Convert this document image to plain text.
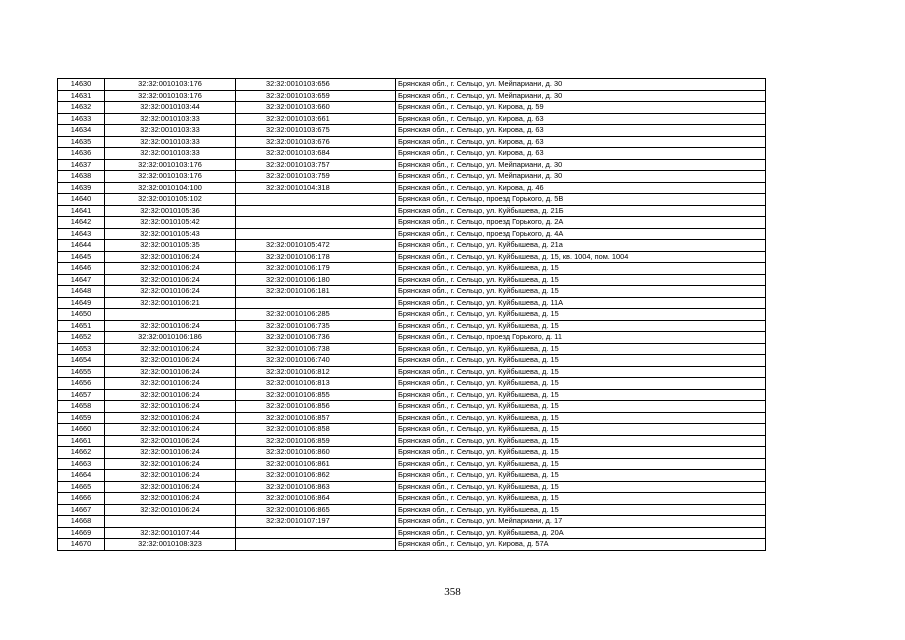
14630	32:32:0010103:176	32:32:0010103:656	Брянская обл., г. Сельцо, ул. Мейпариани, д. 30
14631	32:32:0010103:176	32:32:0010103:659	Брянская обл., г. Сельцо, ул. Мейпариани, д. 30
14632	32:32:0010103:44	32:32:0010103:660	Брянская обл., г. Сельцо, ул. Кирова, д. 59
14633	32:32:0010103:33	32:32:0010103:661	Брянская обл., г. Сельцо, ул. Кирова, д. 63
14634	32:32:0010103:33	32:32:0010103:675	Брянская обл., г. Сельцо, ул. Кирова, д. 63
14635	32:32:0010103:33	32:32:0010103:676	Брянская обл., г. Сельцо, ул. Кирова, д. 63
14636	32:32:0010103:33	32:32:0010103:684	Брянская обл., г. Сельцо, ул. Кирова, д. 63
14637	32:32:0010103:176	32:32:0010103:757	Брянская обл., г. Сельцо, ул. Мейпариани, д. 30
14638	32:32:0010103:176	32:32:0010103:759	Брянская обл., г. Сельцо, ул. Мейпариани, д. 30
14639	32:32:0010104:100	32:32:0010104:318	Брянская обл., г. Сельцо, ул. Кирова, д. 46
14640	32:32:0010105:102		Брянская обл., г. Сельцо, проезд Горького, д. 5В
14641	32:32:0010105:36		Брянская обл., г. Сельцо, ул. Куйбышева, д. 21Б
14642	32:32:0010105:42		Брянская обл., г. Сельцо, проезд Горького, д. 2А
14643	32:32:0010105:43		Брянская обл., г. Сельцо, проезд Горького, д. 4А
14644	32:32:0010105:35	32:32:0010105:472	Брянская обл., г. Сельцо, ул. Куйбышева, д. 21а
14645	32:32:0010106:24	32:32:0010106:178	Брянская обл., г. Сельцо, ул. Куйбышева, д. 15, кв. 1004, пом. 1004
14646	32:32:0010106:24	32:32:0010106:179	Брянская обл., г. Сельцо, ул. Куйбышева, д. 15
14647	32:32:0010106:24	32:32:0010106:180	Брянская обл., г. Сельцо, ул. Куйбышева, д. 15
14648	32:32:0010106:24	32:32:0010106:181	Брянская обл., г. Сельцо, ул. Куйбышева, д. 15
14649	32:32:0010106:21		Брянская обл., г. Сельцо, ул. Куйбышева, д. 11А
14650		32:32:0010106:285	Брянская обл., г. Сельцо, ул. Куйбышева, д. 15
14651	32:32:0010106:24	32:32:0010106:735	Брянская обл., г. Сельцо, ул. Куйбышева, д. 15
14652	32:32:0010106:186	32:32:0010106:736	Брянская обл., г. Сельцо, проезд Горького, д. 11
14653	32:32:0010106:24	32:32:0010106:738	Брянская обл., г. Сельцо, ул. Куйбышева, д. 15
14654	32:32:0010106:24	32:32:0010106:740	Брянская обл., г. Сельцо, ул. Куйбышева, д. 15
14655	32:32:0010106:24	32:32:0010106:812	Брянская обл., г. Сельцо, ул. Куйбышева, д. 15
14656	32:32:0010106:24	32:32:0010106:813	Брянская обл., г. Сельцо, ул. Куйбышева, д. 15
14657	32:32:0010106:24	32:32:0010106:855	Брянская обл., г. Сельцо, ул. Куйбышева, д. 15
14658	32:32:0010106:24	32:32:0010106:856	Брянская обл., г. Сельцо, ул. Куйбышева, д. 15
14659	32:32:0010106:24	32:32:0010106:857	Брянская обл., г. Сельцо, ул. Куйбышева, д. 15
14660	32:32:0010106:24	32:32:0010106:858	Брянская обл., г. Сельцо, ул. Куйбышева, д. 15
14661	32:32:0010106:24	32:32:0010106:859	Брянская обл., г. Сельцо, ул. Куйбышева, д. 15
14662	32:32:0010106:24	32:32:0010106:860	Брянская обл., г. Сельцо, ул. Куйбышева, д. 15
14663	32:32:0010106:24	32:32:0010106:861	Брянская обл., г. Сельцо, ул. Куйбышева, д. 15
14664	32:32:0010106:24	32:32:0010106:862	Брянская обл., г. Сельцо, ул. Куйбышева, д. 15
14665	32:32:0010106:24	32:32:0010106:863	Брянская обл., г. Сельцо, ул. Куйбышева, д. 15
14666	32:32:0010106:24	32:32:0010106:864	Брянская обл., г. Сельцо, ул. Куйбышева, д. 15
14667	32:32:0010106:24	32:32:0010106:865	Брянская обл., г. Сельцо, ул. Куйбышева, д. 15
14668		32:32:0010107:197	Брянская обл., г. Сельцо, ул. Мейпариани, д. 17
14669	32:32:0010107:44		Брянская обл., г. Сельцо, ул. Куйбышева, д. 20А
14670	32:32:0010108:323		Брянская обл., г. Сельцо, ул. Кирова, д. 57А
358
